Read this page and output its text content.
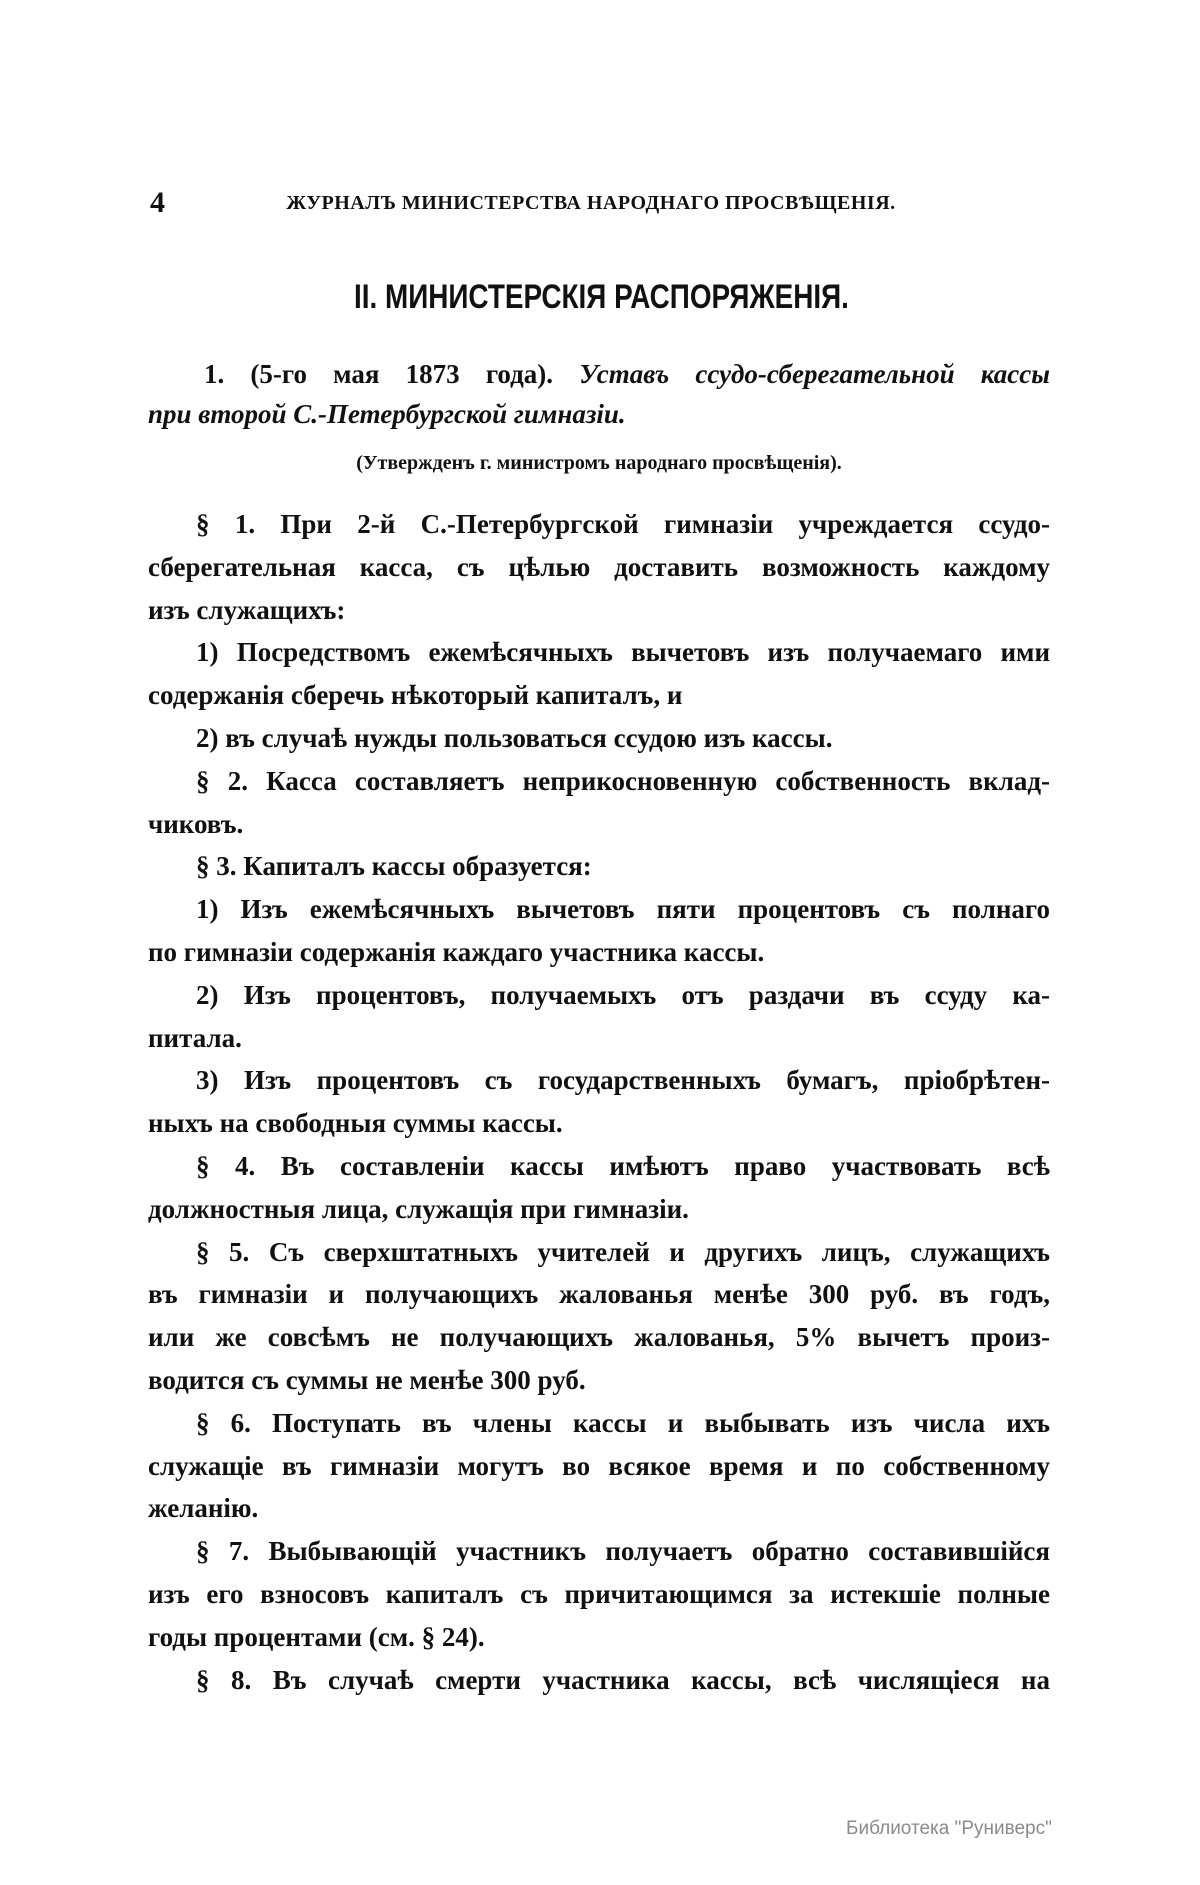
4	ЖУРНАЛЪ МИНИСТЕРСТВА НАРОДНАГО ПРОСВѢЩЕНІЯ.
II. МИНИСТЕРСКІЯ РАСПОРЯЖЕНІЯ.
1. (5-го мая 1873 года). Уставъ ссудо-сберегательной кассы
при второй С.-Петербургской гимназіи.
(Утвержденъ г. министромъ народнаго просвѣщенія).
§ 1. При 2-й С.-Петербургской гимназіи учреждается ссудо-
сберегательная касса, съ цѣлью доставить возможность каждому
изъ служащихъ:
1) Посредствомъ ежемѣсячныхъ вычетовъ изъ получаемаго ими
содержанія сберечь нѣкоторый капиталъ, и
2) въ случаѣ нужды пользоваться ссудою изъ кассы.
§ 2. Касса составляетъ неприкосновенную собственность вклад-
чиковъ.
§ 3. Капиталъ кассы образуется:
1) Изъ ежемѣсячныхъ вычетовъ пяти процентовъ съ полнаго
по гимназіи содержанія каждаго участника кассы.
2) Изъ процентовъ, получаемыхъ отъ раздачи въ ссуду ка-
питала.
3) Изъ процентовъ съ государственныхъ бумагъ, пріобрѣтен-
ныхъ на свободныя суммы кассы.
§ 4. Въ составленіи кассы имѣютъ право участвовать всѣ
должностныя лица, служащія при гимназіи.
§ 5. Съ сверхштатныхъ учителей и другихъ лицъ, служащихъ
въ гимназіи и получающихъ жалованья менѣе 300 руб. въ годъ,
или же совсѣмъ не получающихъ жалованья, 5% вычетъ произ-
водится съ суммы не менѣе 300 руб.
§ 6. Поступать въ члены кассы и выбывать изъ числа ихъ
служащіе въ гимназіи могутъ во всякое время и по собственному
желанію.
§ 7. Выбывающій участникъ получаетъ обратно составившійся
изъ его взносовъ капиталъ съ причитающимся за истекшіе полные
годы процентами (см. § 24).
§ 8. Въ случаѣ смерти участника кассы, всѣ числящіеся на
Библиотека "Руниверс"
